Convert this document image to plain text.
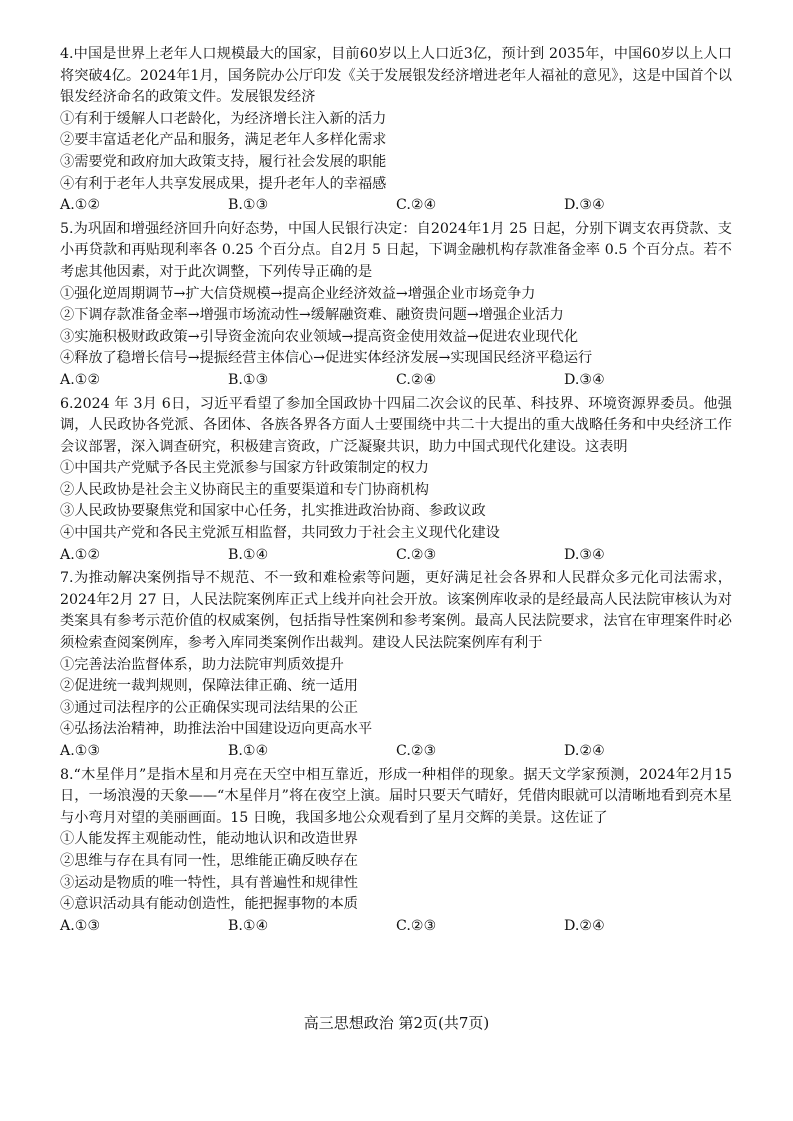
4.中国是世界上老年人口规模最大的国家，目前60岁以上人口近3亿，预计到 2035年，中国60岁以上人口将突破4亿。2024年1月，国务院办公厅印发《关于发展银发经济增进老年人福祉的意见》，这是中国首个以银发经济命名的政策文件。发展银发经济

①有利于缓解人口老龄化，为经济增长注入新的活力

②要丰富适老化产品和服务，满足老年人多样化需求

③需要党和政府加大政策支持，履行社会发展的职能

④有利于老年人共享发展成果，提升老年人的幸福感

A.①②	B.①③	C.②④	D.③④

5.为巩固和增强经济回升向好态势，中国人民银行决定：自2024年1月 25 日起，分别下调支农再贷款、支小再贷款和再贴现利率各 0.25 个百分点。自2月 5 日起，下调金融机构存款准备金率 0.5 个百分点。若不考虑其他因素，对于此次调整，下列传导正确的是

①强化逆周期调节→扩大信贷规模→提高企业经济效益→增强企业市场竞争力

②下调存款准备金率→增强市场流动性→缓解融资难、融资贵问题→增强企业活力

③实施积极财政政策→引导资金流向农业领域→提高资金使用效益→促进农业现代化

④释放了稳增长信号→提振经营主体信心→促进实体经济发展→实现国民经济平稳运行

A.①②	B.①③	C.②④	D.③④

6.2024 年 3月 6日，习近平看望了参加全国政协十四届二次会议的民革、科技界、环境资源界委员。他强调，人民政协各党派、各团体、各族各界各方面人士要围绕中共二十大提出的重大战略任务和中央经济工作会议部署，深入调查研究，积极建言资政，广泛凝聚共识，助力中国式现代化建设。这表明

①中国共产党赋予各民主党派参与国家方针政策制定的权力

②人民政协是社会主义协商民主的重要渠道和专门协商机构

③人民政协要聚焦党和国家中心任务，扎实推进政治协商、参政议政

④中国共产党和各民主党派互相监督，共同致力于社会主义现代化建设

A.①②	B.①④	C.②③	D.③④

7.为推动解决案例指导不规范、不一致和难检索等问题，更好满足社会各界和人民群众多元化司法需求，2024年2月 27 日，人民法院案例库正式上线并向社会开放。该案例库收录的是经最高人民法院审核认为对类案具有参考示范价值的权威案例，包括指导性案例和参考案例。最高人民法院要求，法官在审理案件时必须检索查阅案例库，参考入库同类案例作出裁判。建设人民法院案例库有利于

①完善法治监督体系，助力法院审判质效提升

②促进统一裁判规则，保障法律正确、统一适用

③通过司法程序的公正确保实现司法结果的公正

④弘扬法治精神，助推法治中国建设迈向更高水平

A.①③	B.①④	C.②③	D.②④

8.“木星伴月”是指木星和月亮在天空中相互靠近，形成一种相伴的现象。据天文学家预测，2024年2月15日，一场浪漫的天象——“木星伴月”将在夜空上演。届时只要天气晴好，凭借肉眼就可以清晰地看到亮木星与小弯月对望的美丽画面。15 日晚，我国多地公众观看到了星月交辉的美景。这佐证了

①人能发挥主观能动性，能动地认识和改造世界

②思维与存在具有同一性，思维能正确反映存在

③运动是物质的唯一特性，具有普遍性和规律性

④意识活动具有能动创造性，能把握事物的本质

A.①③	B.①④	C.②③	D.②④
高三思想政治 第2页(共7页)
